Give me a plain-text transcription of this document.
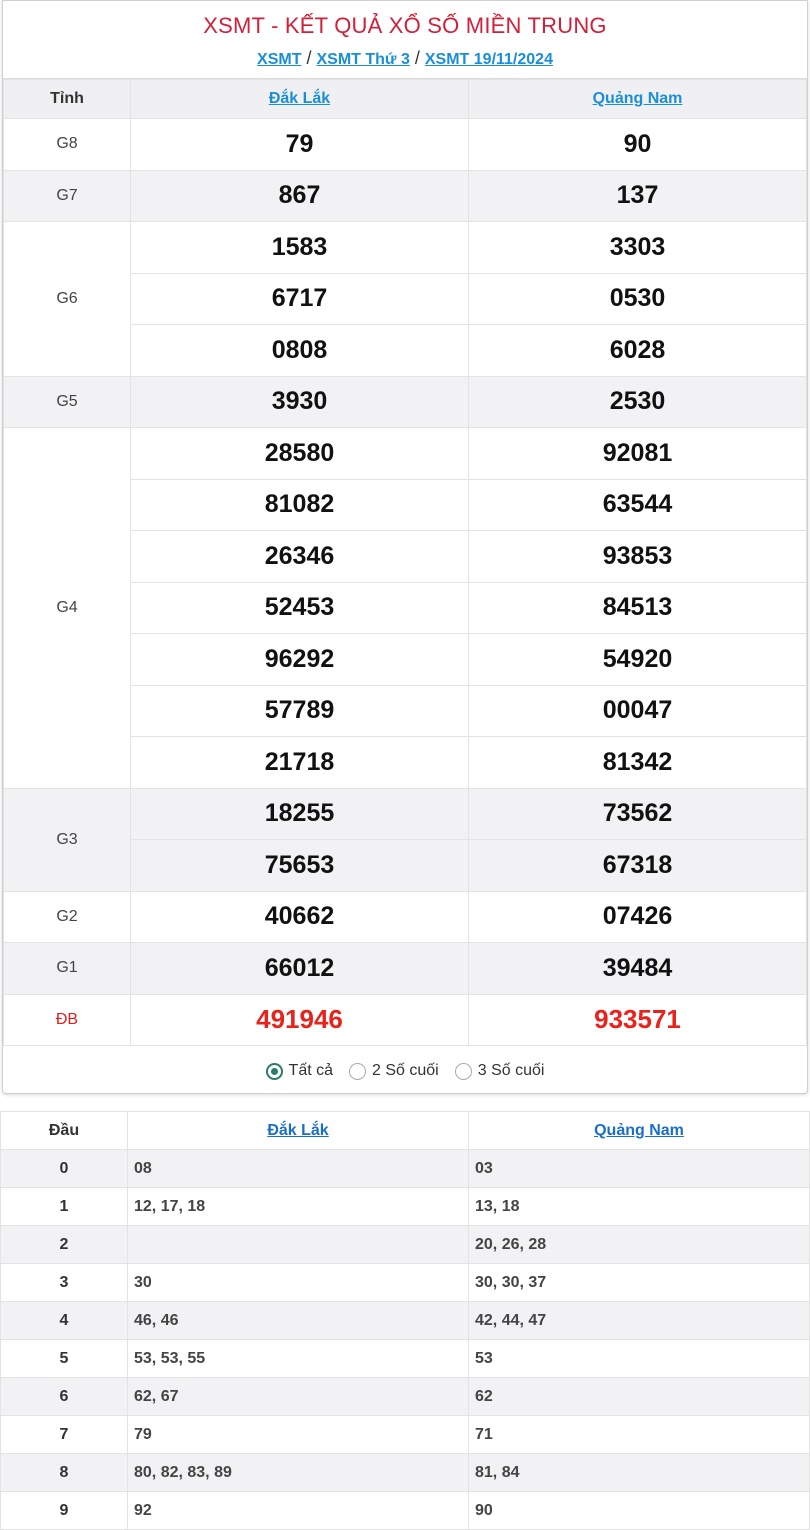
XSMT - KẾT QUẢ XỔ SỐ MIỀN TRUNG
XSMT / XSMT Thứ 3 / XSMT 19/11/2024
Tỉnh	Đắk Lắk	Quảng Nam
G8	79	90
G7	867	137
G6	1583	3303
	6717	0530
	0808	6028
G5	3930	2530
G4	28580	92081
	81082	63544
	26346	93853
	52453	84513
	96292	54920
	57789	00047
	21718	81342
G3	18255	73562
	75653	67318
G2	40662	07426
G1	66012	39484
ĐB	491946	933571
Tất cả 2 Số cuối 3 Số cuối
Đầu	Đắk Lắk	Quảng Nam
0	08	03
1	12, 17, 18	13, 18
2		20, 26, 28
3	30	30, 30, 37
4	46, 46	42, 44, 47
5	53, 53, 55	53
6	62, 67	62
7	79	71
8	80, 82, 83, 89	81, 84
9	92	90
